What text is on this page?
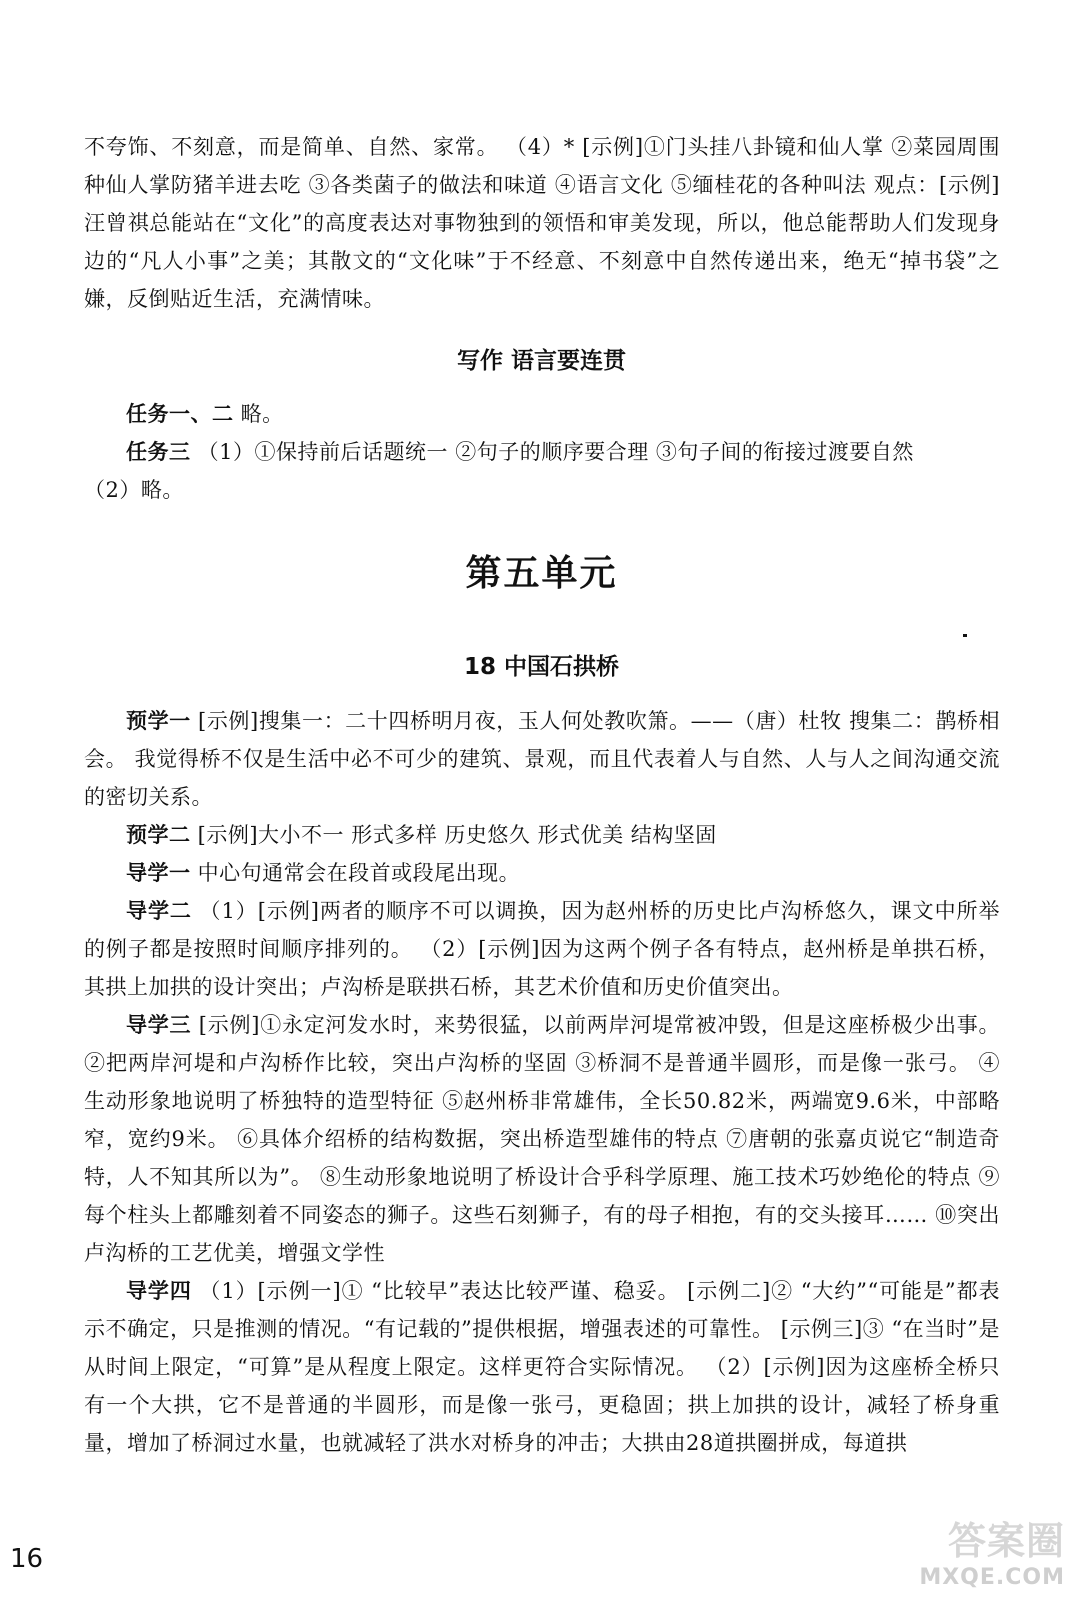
不夸饰、不刻意，而是简单、自然、家常。 （4）* [示例]①门头挂八卦镜和仙人掌 ②菜园周围种仙人掌防猪羊进去吃 ③各类菌子的做法和味道 ④语言文化 ⑤缅桂花的各种叫法 观点：[示例]汪曾祺总能站在“文化”的高度表达对事物独到的领悟和审美发现，所以，他总能帮助人们发现身边的“凡人小事”之美；其散文的“文化味”于不经意、不刻意中自然传递出来，绝无“掉书袋”之嫌，反倒贴近生活，充满情味。

写作 语言要连贯

任务一、二 略。

任务三 （1）①保持前后话题统一 ②句子的顺序要合理 ③句子间的衔接过渡要自然

（2）略。

第五单元
18 中国石拱桥

预学一 [示例]搜集一：二十四桥明月夜，玉人何处教吹箫。——（唐）杜牧 搜集二：鹊桥相会。 我觉得桥不仅是生活中必不可少的建筑、景观，而且代表着人与自然、人与人之间沟通交流的密切关系。

预学二 [示例]大小不一 形式多样 历史悠久 形式优美 结构坚固

导学一 中心句通常会在段首或段尾出现。

导学二 （1）[示例]两者的顺序不可以调换，因为赵州桥的历史比卢沟桥悠久，课文中所举的例子都是按照时间顺序排列的。 （2）[示例]因为这两个例子各有特点，赵州桥是单拱石桥，其拱上加拱的设计突出；卢沟桥是联拱石桥，其艺术价值和历史价值突出。

导学三 [示例]①永定河发水时，来势很猛，以前两岸河堤常被冲毁，但是这座桥极少出事。 ②把两岸河堤和卢沟桥作比较，突出卢沟桥的坚固 ③桥洞不是普通半圆形，而是像一张弓。 ④生动形象地说明了桥独特的造型特征 ⑤赵州桥非常雄伟，全长50.82米，两端宽9.6米，中部略窄，宽约9米。 ⑥具体介绍桥的结构数据，突出桥造型雄伟的特点 ⑦唐朝的张嘉贞说它“制造奇特，人不知其所以为”。 ⑧生动形象地说明了桥设计合乎科学原理、施工技术巧妙绝伦的特点 ⑨每个柱头上都雕刻着不同姿态的狮子。这些石刻狮子，有的母子相抱，有的交头接耳…… ⑩突出卢沟桥的工艺优美，增强文学性

导学四 （1）[示例一]① “比较早”表达比较严谨、稳妥。 [示例二]② “大约”“可能是”都表示不确定，只是推测的情况。“有记载的”提供根据，增强表述的可靠性。 [示例三]③ “在当时”是从时间上限定，“可算”是从程度上限定。这样更符合实际情况。 （2）[示例]因为这座桥全桥只有一个大拱，它不是普通的半圆形，而是像一张弓，更稳固；拱上加拱的设计，减轻了桥身重量，增加了桥洞过水量，也就减轻了洪水对桥身的冲击；大拱由28道拱圈拼成，每道拱

16	答案圈
MXQE.COM
